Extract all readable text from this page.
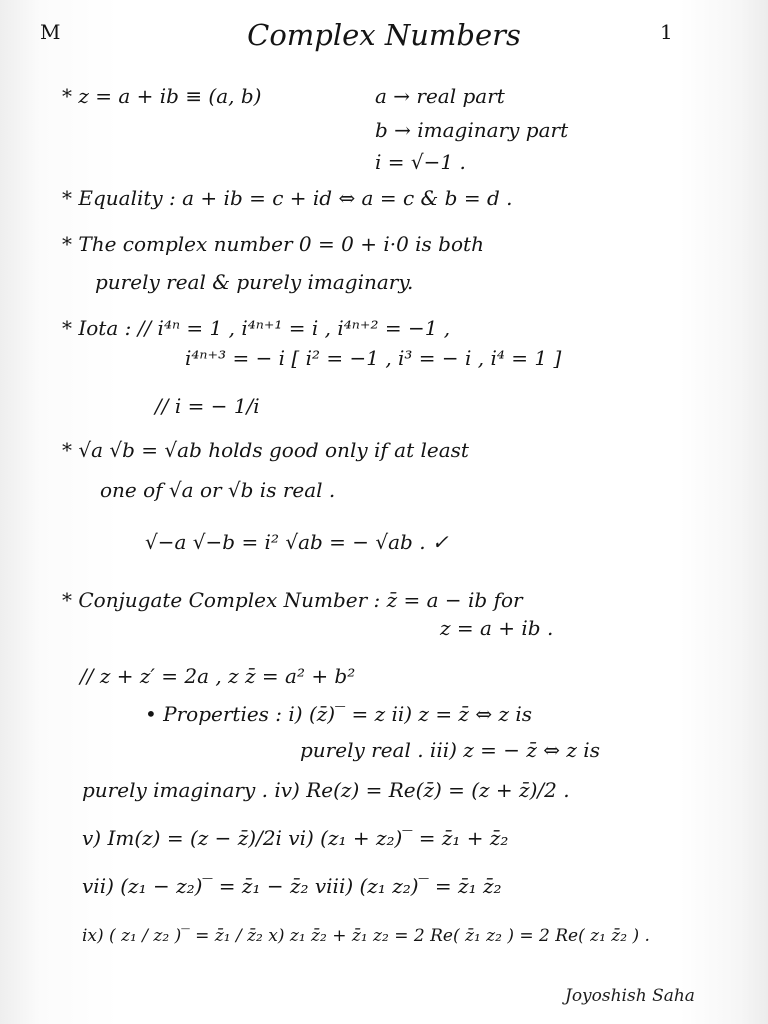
M	Complex Numbers	1
* z = a + ib ≡ (a, b)	a → real part
b → imaginary part
i = √−1 .
* Equality : a + ib = c + id ⇔ a = c & b = d .
* The complex number 0 = 0 + i·0 is both
purely real & purely imaginary.
* Iota : // i⁴ⁿ = 1 , i⁴ⁿ⁺¹ = i , i⁴ⁿ⁺² = −1 ,
i⁴ⁿ⁺³ = − i [ i² = −1 , i³ = − i , i⁴ = 1 ]
// i = − 1/i
* √a √b = √ab holds good only if at least
one of √a or √b is real .
√−a √−b = i² √ab = − √ab . ✓
* Conjugate Complex Number : z̄ = a − ib for
z = a + ib .
// z + z′ = 2a , z z̄ = a² + b²
• Properties : i) (z̄)‾ = z ii) z = z̄ ⇔ z is
purely real . iii) z = − z̄ ⇔ z is
purely imaginary . iv) Re(z) = Re(z̄) = (z + z̄)/2 .
v) Im(z) = (z − z̄)/2i vi) (z₁ + z₂)‾ = z̄₁ + z̄₂
vii) (z₁ − z₂)‾ = z̄₁ − z̄₂ viii) (z₁ z₂)‾ = z̄₁ z̄₂
ix) ( z₁ / z₂ )‾ = z̄₁ / z̄₂ x) z₁ z̄₂ + z̄₁ z₂ = 2 Re( z̄₁ z₂ ) = 2 Re( z₁ z̄₂ ) .
Joyoshish Saha
